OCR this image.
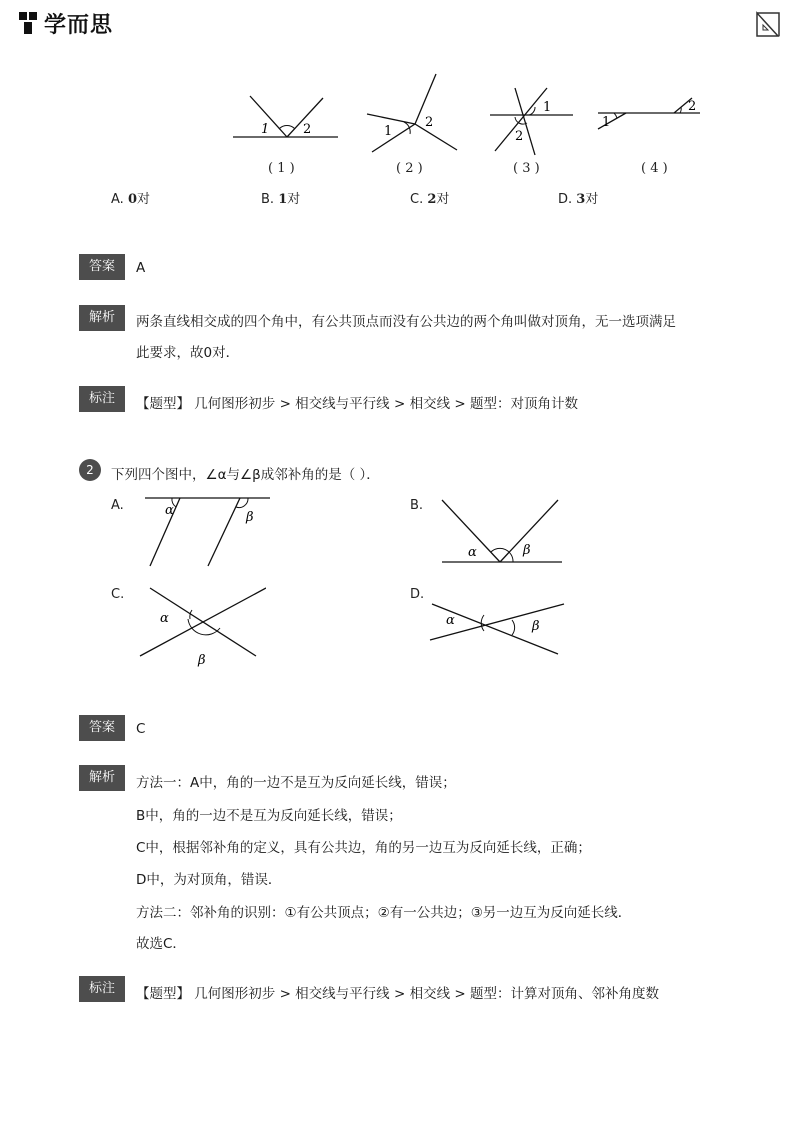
学而思
1	2
( 1 )
1
2
( 2 )
1
2
( 3 )
1
2
( 4 )
A. 0对	B. 1对	C. 2对	D. 3对
答案	A
解析	两条直线相交成的四个角中，有公共顶点而没有公共边的两个角叫做对顶角，无一选项满足
此要求，故0对．
标注	【题型】 几何图形初步 > 相交线与平行线 > 相交线 > 题型：对顶角计数
2	下列四个图中，∠α与∠β成邻补角的是（ ）．
A.	α	β
B.
α	β
C.
α
β
D.
α	β
答案	C
解析	方法一：A中，角的一边不是互为反向延长线，错误；
B中，角的一边不是互为反向延长线，错误；
C中，根据邻补角的定义，具有公共边，角的另一边互为反向延长线，正确；
D中，为对顶角，错误．
方法二：邻补角的识别：①有公共顶点；②有一公共边；③另一边互为反向延长线．
故选C．
标注	【题型】 几何图形初步 > 相交线与平行线 > 相交线 > 题型：计算对顶角、邻补角度数
